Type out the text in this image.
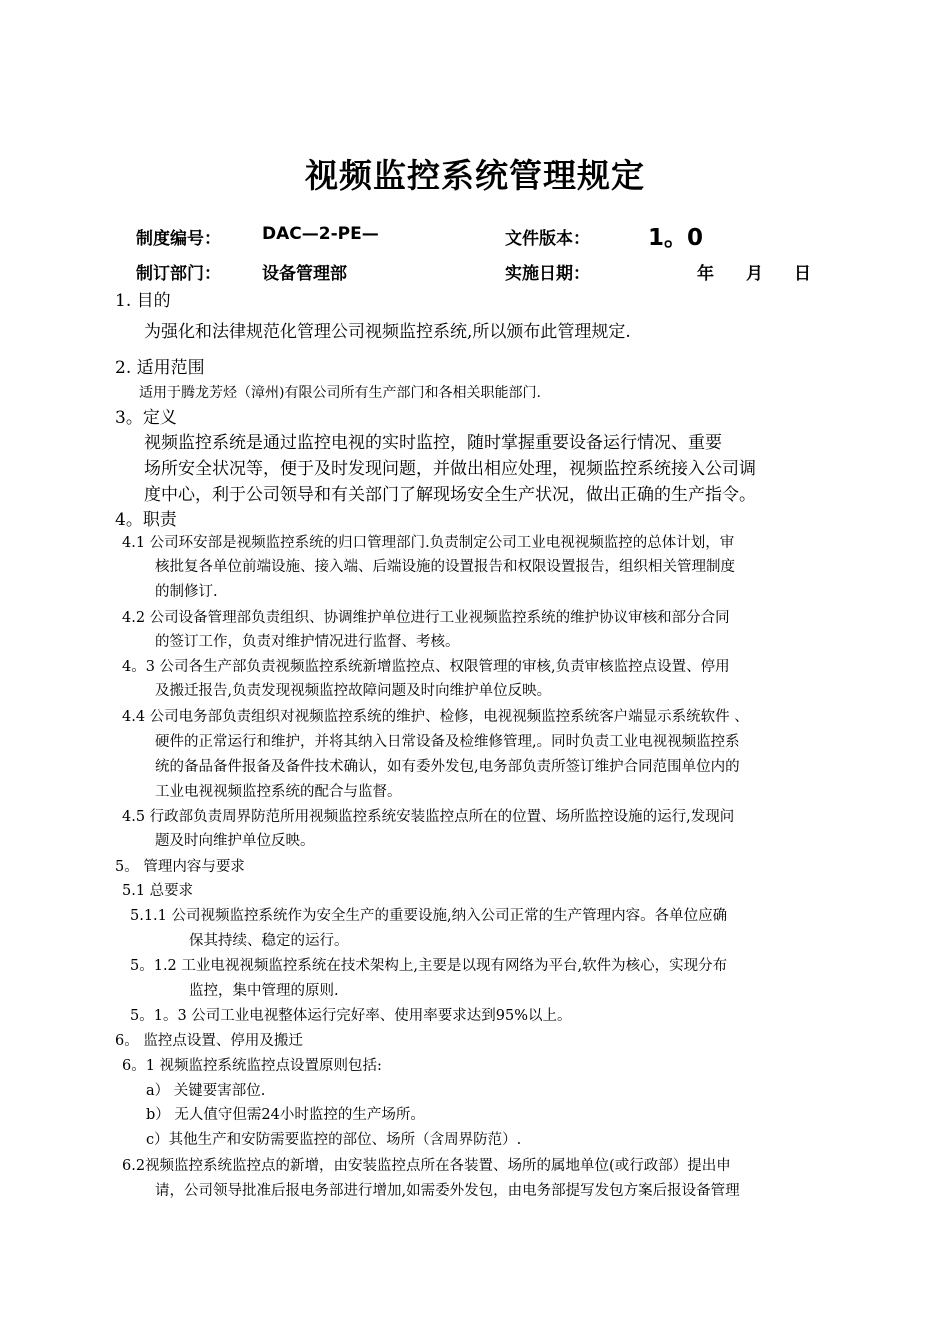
视频监控系统管理规定
制度编号： DAC—2-PE—	文件版本：	1。0
制订部门： 设备管理部	实施日期：	年 月 日
1. 目的
为强化和法律规范化管理公司视频监控系统,所以颁布此管理规定.
2. 适用范围
适用于腾龙芳烃（漳州)有限公司所有生产部门和各相关职能部门.
3。定义
视频监控系统是通过监控电视的实时监控，随时掌握重要设备运行情况、重要
场所安全状况等，便于及时发现问题，并做出相应处理，视频监控系统接入公司调
度中心，利于公司领导和有关部门了解现场安全生产状况，做出正确的生产指令。
4。职责
4.1 公司环安部是视频监控系统的归口管理部门.负责制定公司工业电视视频监控的总体计划，审
核批复各单位前端设施、接入端、后端设施的设置报告和权限设置报告，组织相关管理制度
的制修订.
4.2 公司设备管理部负责组织、协调维护单位进行工业视频监控系统的维护协议审核和部分合同
的签订工作，负责对维护情况进行监督、考核。
4。3 公司各生产部负责视频监控系统新增监控点、权限管理的审核,负责审核监控点设置、停用
及搬迁报告,负责发现视频监控故障问题及时向维护单位反映。
4.4 公司电务部负责组织对视频监控系统的维护、检修，电视视频监控系统客户端显示系统软件 、
硬件的正常运行和维护，并将其纳入日常设备及检维修管理,。同时负责工业电视视频监控系
统的备品备件报备及备件技术确认，如有委外发包,电务部负责所签订维护合同范围单位内的
工业电视视频监控系统的配合与监督。
4.5 行政部负责周界防范所用视频监控系统安装监控点所在的位置、场所监控设施的运行,发现问
题及时向维护单位反映。
5。 管理内容与要求
5.1 总要求
5.1.1 公司视频监控系统作为安全生产的重要设施,纳入公司正常的生产管理内容。各单位应确
保其持续、稳定的运行。
5。1.2 工业电视视频监控系统在技术架构上,主要是以现有网络为平台,软件为核心，实现分布
监控，集中管理的原则.
5。1。3 公司工业电视整体运行完好率、使用率要求达到95%以上。
6。 监控点设置、停用及搬迁
6。1 视频监控系统监控点设置原则包括:
a） 关键要害部位.
b） 无人值守但需24小时监控的生产场所。
c）其他生产和安防需要监控的部位、场所（含周界防范）.
6.2视频监控系统监控点的新增，由安装监控点所在各装置、场所的属地单位(或行政部）提出申
请，公司领导批准后报电务部进行增加,如需委外发包，由电务部提写发包方案后报设备管理
